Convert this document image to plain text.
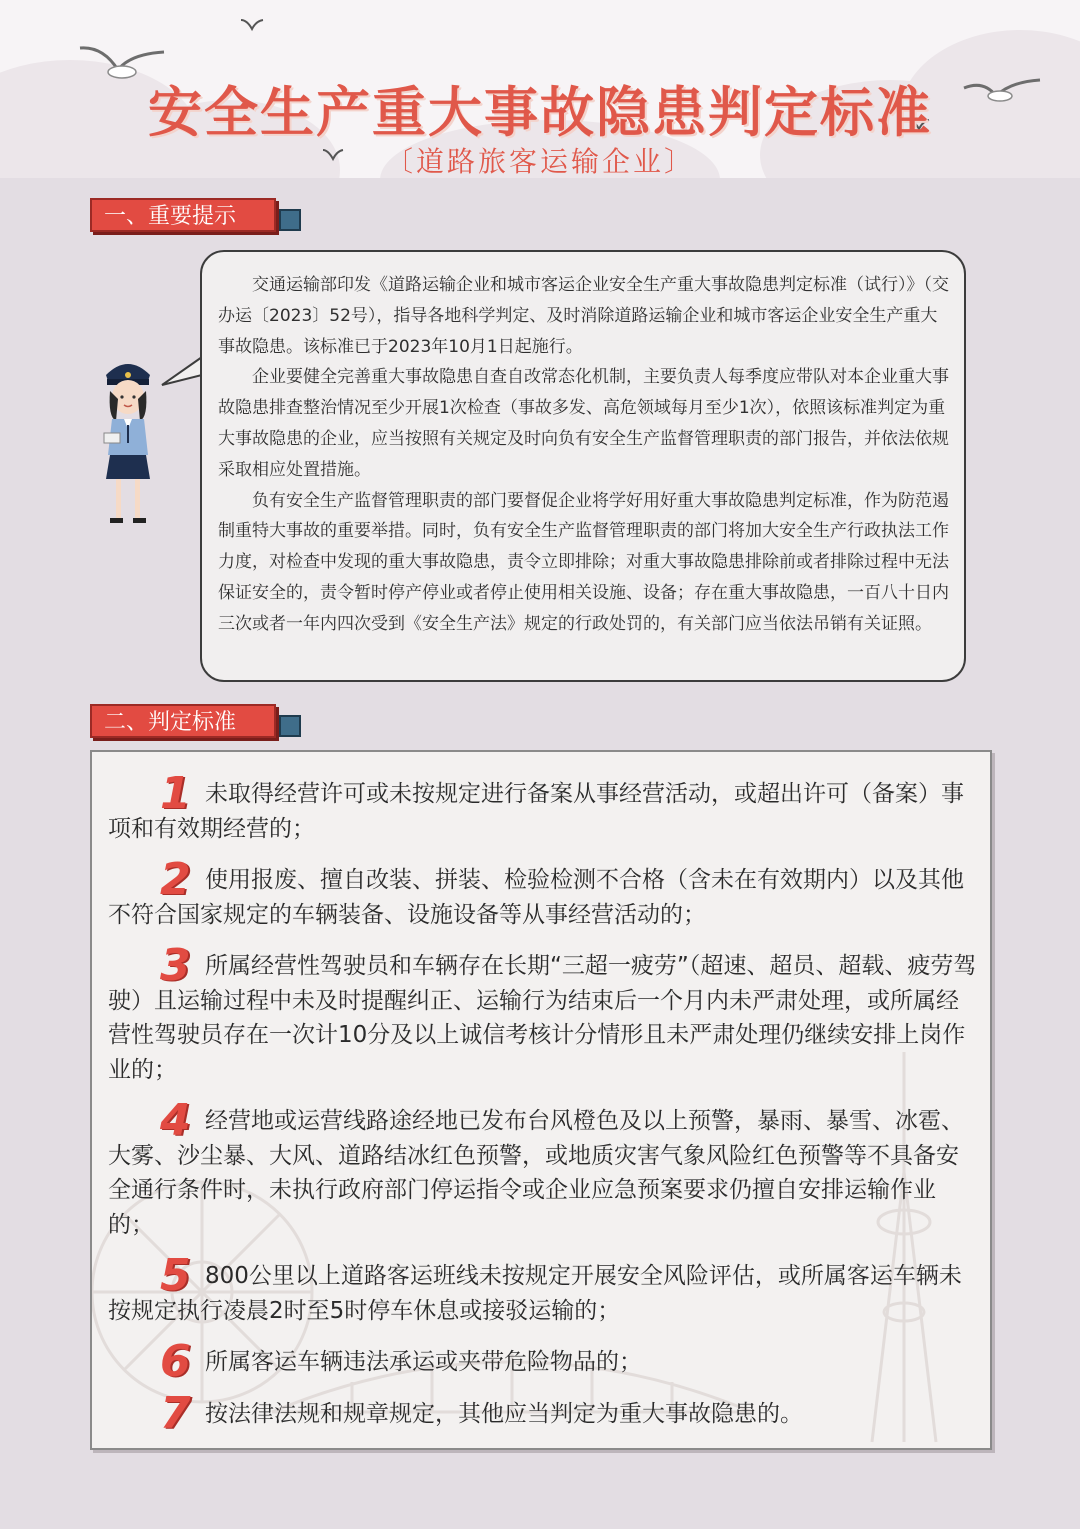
安全生产重大事故隐患判定标准
〔道路旅客运输企业〕
一、重要提示

交通运输部印发《道路运输企业和城市客运企业安全生产重大事故隐患判定标准（试行）》（交办运〔2023〕52号），指导各地科学判定、及时消除道路运输企业和城市客运企业安全生产重大事故隐患。该标准已于2023年10月1日起施行。

企业要健全完善重大事故隐患自查自改常态化机制，主要负责人每季度应带队对本企业重大事故隐患排查整治情况至少开展1次检查（事故多发、高危领域每月至少1次），依照该标准判定为重大事故隐患的企业，应当按照有关规定及时向负有安全生产监督管理职责的部门报告，并依法依规采取相应处置措施。

负有安全生产监督管理职责的部门要督促企业将学好用好重大事故隐患判定标准，作为防范遏制重特大事故的重要举措。同时，负有安全生产监督管理职责的部门将加大安全生产行政执法工作力度，对检查中发现的重大事故隐患，责令立即排除；对重大事故隐患排除前或者排除过程中无法保证安全的，责令暂时停产停业或者停止使用相关设施、设备；存在重大事故隐患，一百八十日内三次或者一年内四次受到《安全生产法》规定的行政处罚的，有关部门应当依法吊销有关证照。

二、判定标准
1 未取得经营许可或未按规定进行备案从事经营活动，或超出许可（备案）事项和有效期经营的；
2 使用报废、擅自改装、拼装、检验检测不合格（含未在有效期内）以及其他不符合国家规定的车辆装备、设施设备等从事经营活动的；
3 所属经营性驾驶员和车辆存在长期“三超一疲劳”（超速、超员、超载、疲劳驾驶）且运输过程中未及时提醒纠正、运输行为结束后一个月内未严肃处理，或所属经营性驾驶员存在一次计10分及以上诚信考核计分情形且未严肃处理仍继续安排上岗作业的；
4 经营地或运营线路途经地已发布台风橙色及以上预警，暴雨、暴雪、冰雹、大雾、沙尘暴、大风、道路结冰红色预警，或地质灾害气象风险红色预警等不具备安全通行条件时，未执行政府部门停运指令或企业应急预案要求仍擅自安排运输作业的；
5 800公里以上道路客运班线未按规定开展安全风险评估，或所属客运车辆未按规定执行凌晨2时至5时停车休息或接驳运输的；
6 所属客运车辆违法承运或夹带危险物品的；
7 按法律法规和规章规定，其他应当判定为重大事故隐患的。
